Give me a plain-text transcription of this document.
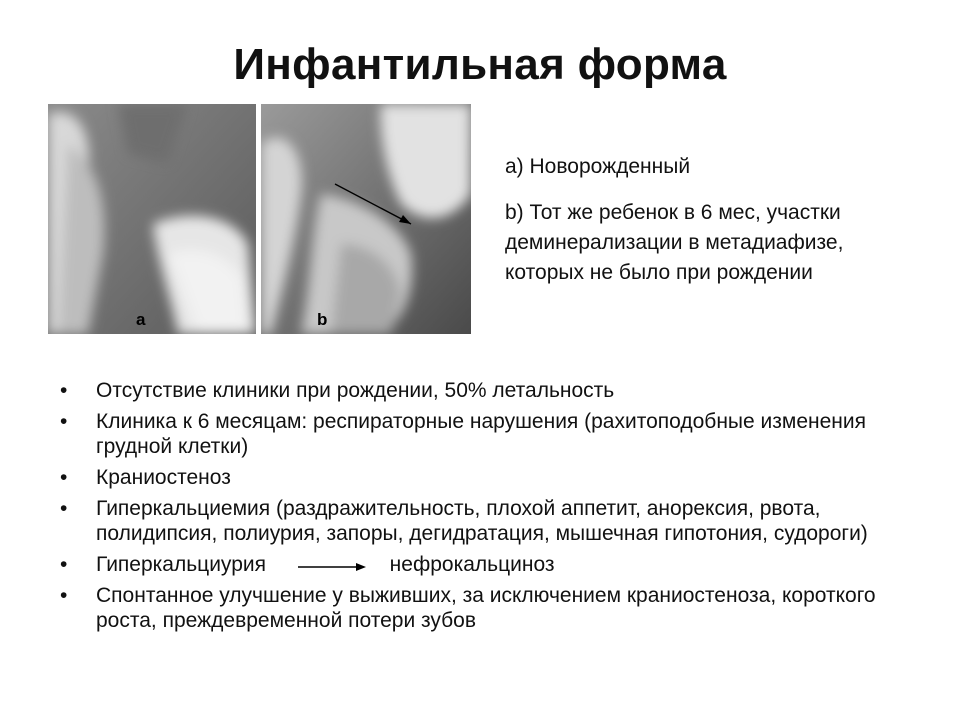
Инфантильная форма
a	b
a) Новорожденный
b) Тот же ребенок в 6 мес, участки деминерализации в метадиафизе, которых не было при рождении
• Отсутствие клиники при рождении, 50% летальность
• Клиника к 6 месяцам: респираторные нарушения (рахитоподобные изменения грудной клетки)
• Краниостеноз
• Гиперкальциемия (раздражительность, плохой аппетит, анорексия, рвота, полидипсия, полиурия, запоры, дегидратация, мышечная гипотония, судороги)
• Гиперкальциурия	нефрокальциноз
• Спонтанное улучшение у выживших, за исключением краниостеноза, короткого роста, преждевременной потери зубов
